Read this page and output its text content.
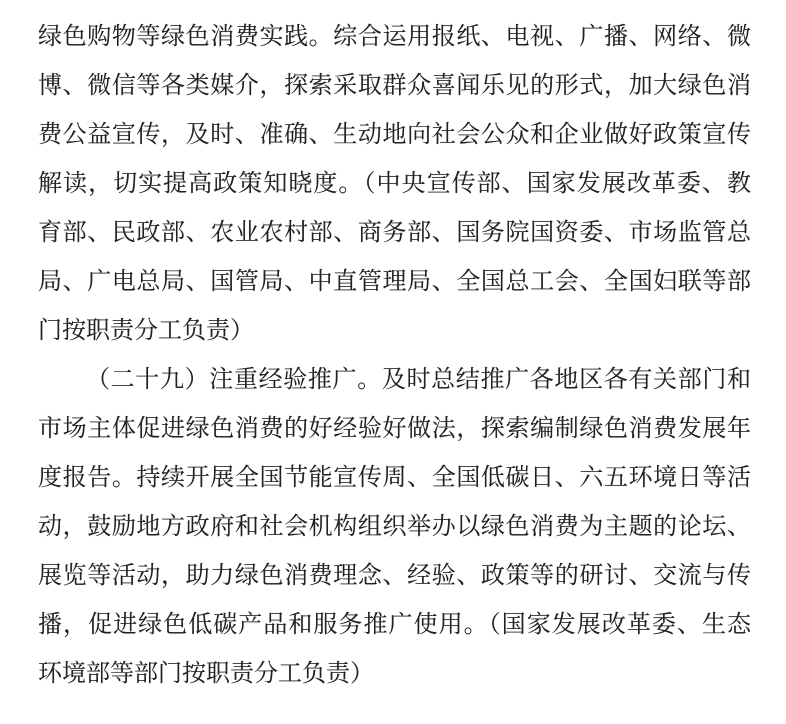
绿色购物等绿色消费实践。综合运用报纸、电视、广播、网络、微
博、微信等各类媒介，探索采取群众喜闻乐见的形式，加大绿色消
费公益宣传，及时、准确、生动地向社会公众和企业做好政策宣传
解读，切实提高政策知晓度。（中央宣传部、国家发展改革委、教
育部、民政部、农业农村部、商务部、国务院国资委、市场监管总
局、广电总局、国管局、中直管理局、全国总工会、全国妇联等部
门按职责分工负责）
（二十九）注重经验推广。及时总结推广各地区各有关部门和
市场主体促进绿色消费的好经验好做法，探索编制绿色消费发展年
度报告。持续开展全国节能宣传周、全国低碳日、六五环境日等活
动，鼓励地方政府和社会机构组织举办以绿色消费为主题的论坛、
展览等活动，助力绿色消费理念、经验、政策等的研讨、交流与传
播，促进绿色低碳产品和服务推广使用。（国家发展改革委、生态
环境部等部门按职责分工负责）
